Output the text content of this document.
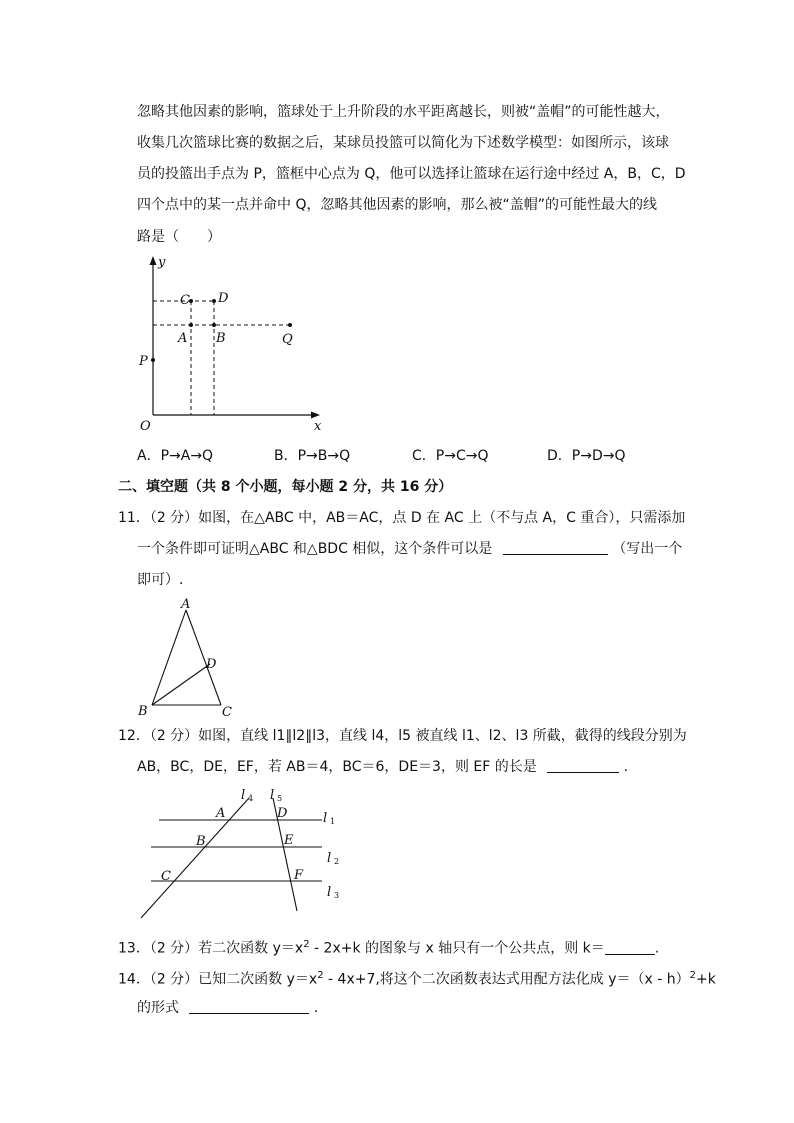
忽略其他因素的影响，篮球处于上升阶段的水平距离越长，则被“盖帽”的可能性越大，
收集几次篮球比赛的数据之后，某球员投篮可以简化为下述数学模型：如图所示，该球
员的投篮出手点为 P，篮框中心点为 Q，他可以选择让篮球在运行途中经过 A，B，C，D
四个点中的某一点并命中 Q，忽略其他因素的影响，那么被“盖帽”的可能性最大的线
路是（　　）
y
x
O
P
C D
A B	Q
A．P→A→Q	B．P→B→Q	C．P→C→Q	D．P→D→Q
二、填空题（共 8 个小题，每小题 2 分，共 16 分）
11．（2 分）如图，在△ABC 中，AB＝AC，点 D 在 AC 上（不与点 A，C 重合），只需添加
一个条件即可证明△ABC 和△BDC 相似，这个条件可以是	（写出一个
即可）.
A
D
B	C
12．（2 分）如图，直线 l1∥l2∥l3，直线 l4，l5 被直线 l1、l2、l3 所截，截得的线段分别为
AB，BC，DE，EF，若 AB＝4，BC＝6，DE＝3，则 EF 的长是	.
l 4 l 5
l 1
l 2
l 3
A	D
B	E
C	F
13．（2 分）若二次函数 $y=x^2 - 2x+k$ 的图象与 x 轴只有一个公共点，则 k＝	.
14．（2 分）已知二次函数 $y=x^2 - 4x+7$,将这个二次函数表达式用配方法化成 y＝（x - h）$^2$+k
的形式	.
